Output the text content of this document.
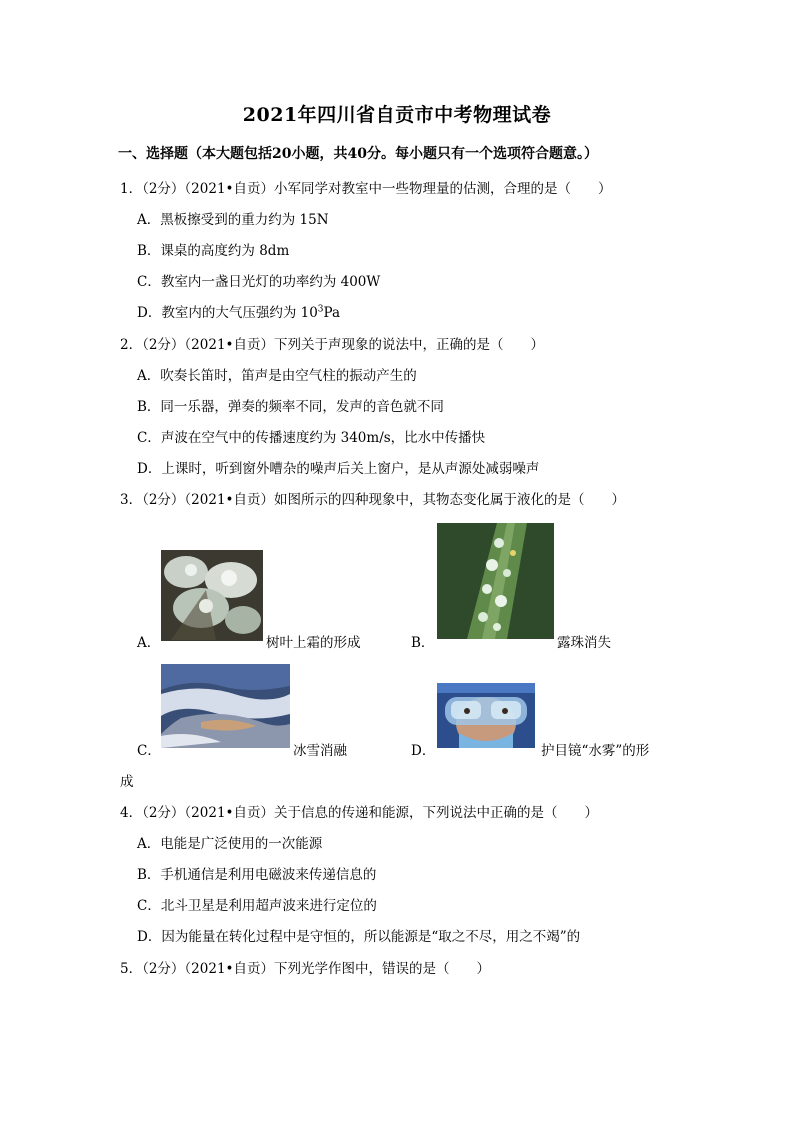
2021年四川省自贡市中考物理试卷
一、选择题（本大题包括20小题，共40分。每小题只有一个选项符合题意。）
1．（2分）（2021•自贡）小军同学对教室中一些物理量的估测，合理的是（　　）
A．黑板擦受到的重力约为 15N
B．课桌的高度约为 8dm
C．教室内一盏日光灯的功率约为 400W
D．教室内的大气压强约为 $10^3Pa$
2．（2分）（2021•自贡）下列关于声现象的说法中，正确的是（　　）
A．吹奏长笛时，笛声是由空气柱的振动产生的
B．同一乐器，弹奏的频率不同，发声的音色就不同
C．声波在空气中的传播速度约为 340m/s，比水中传播快
D．上课时，听到窗外嘈杂的噪声后关上窗户，是从声源处减弱噪声
3．（2分）（2021•自贡）如图所示的四种现象中，其物态变化属于液化的是（　　）
A．	树叶上霜的形成	B．	露珠消失
C．	冰雪消融	D．	护目镜“水雾”的形
成
4．（2分）（2021•自贡）关于信息的传递和能源，下列说法中正确的是（　　）
A．电能是广泛使用的一次能源
B．手机通信是利用电磁波来传递信息的
C．北斗卫星是利用超声波来进行定位的
D．因为能量在转化过程中是守恒的，所以能源是“取之不尽，用之不竭”的
5．（2分）（2021•自贡）下列光学作图中，错误的是（　　）
